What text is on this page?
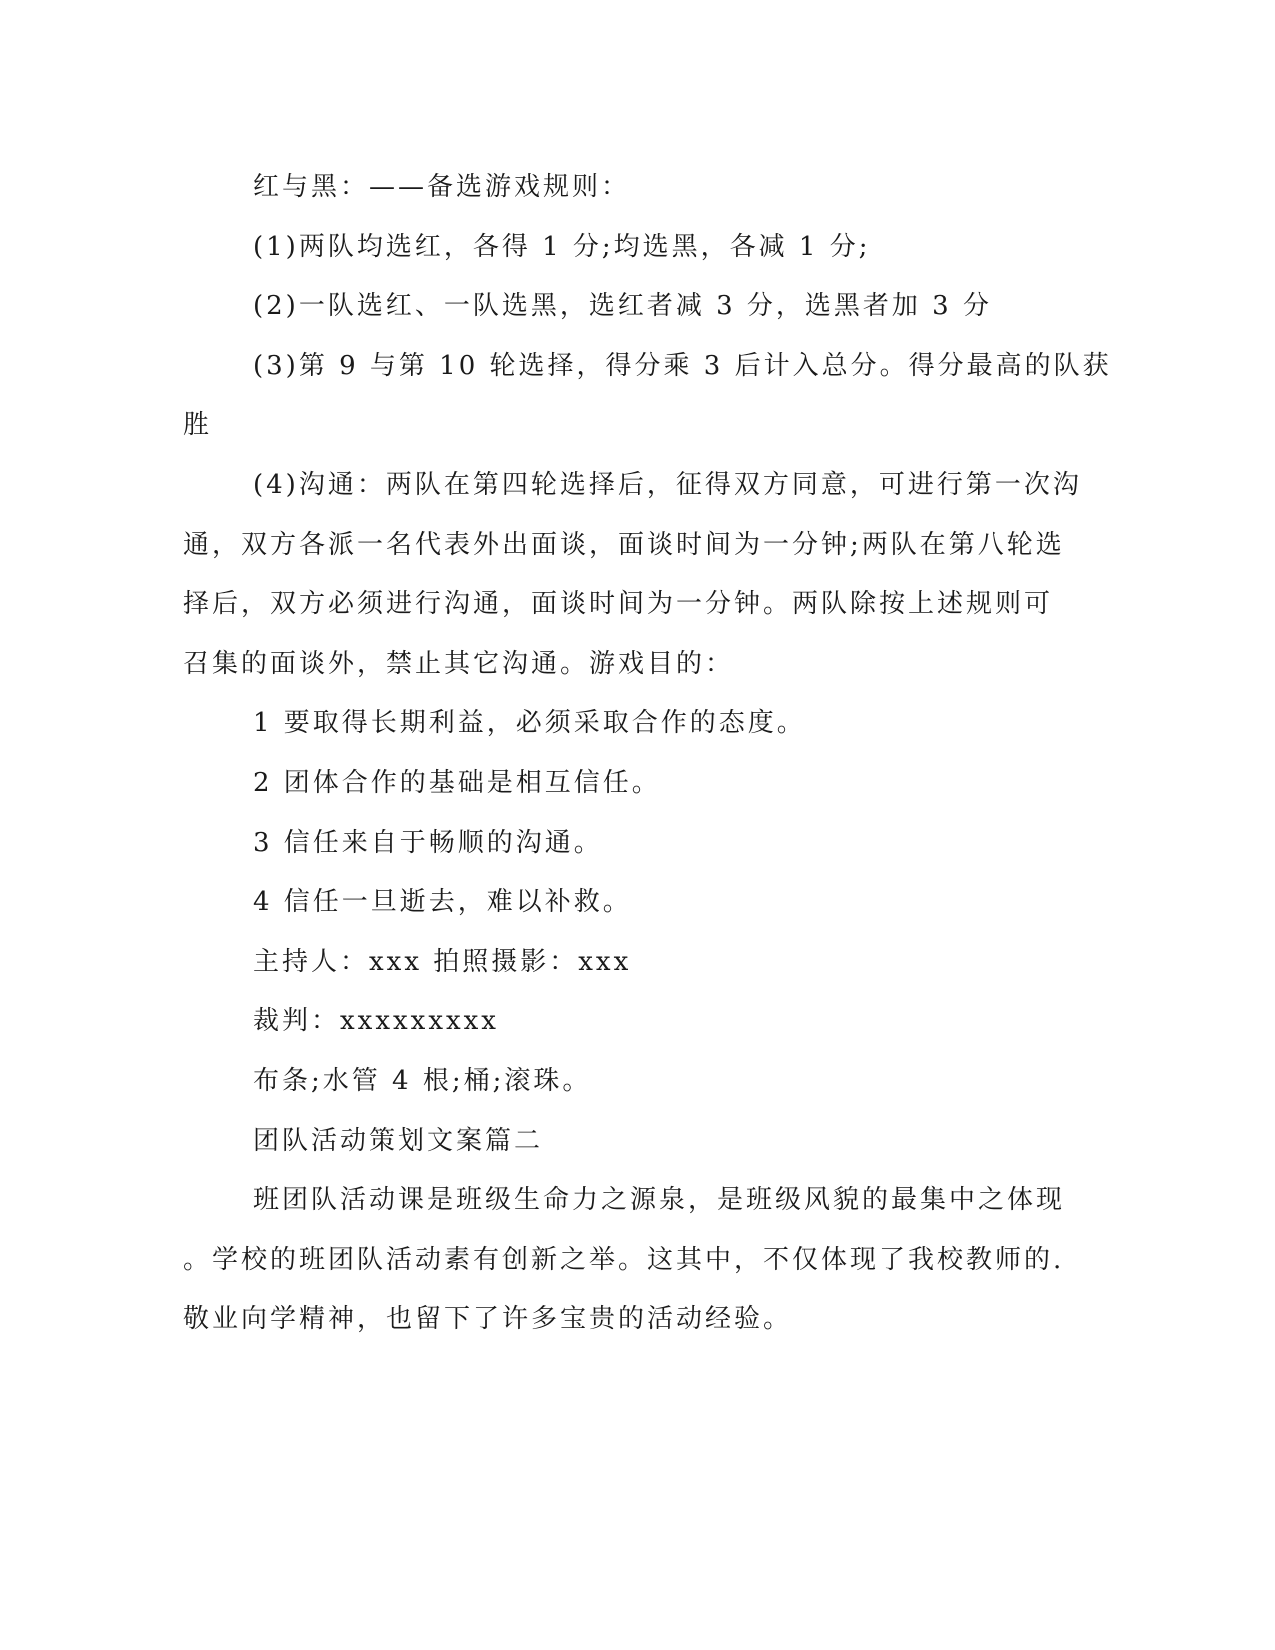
红与黑：——备选游戏规则：
(1)两队均选红，各得 1 分;均选黑，各减 1 分;
(2)一队选红、一队选黑，选红者减 3 分，选黑者加 3 分
(3)第 9 与第 10 轮选择，得分乘 3 后计入总分。得分最高的队获
胜
(4)沟通：两队在第四轮选择后，征得双方同意，可进行第一次沟
通，双方各派一名代表外出面谈，面谈时间为一分钟;两队在第八轮选
择后，双方必须进行沟通，面谈时间为一分钟。两队除按上述规则可
召集的面谈外，禁止其它沟通。游戏目的：
1 要取得长期利益，必须采取合作的态度。
2 团体合作的基础是相互信任。
3 信任来自于畅顺的沟通。
4 信任一旦逝去，难以补救。
主持人：xxx 拍照摄影：xxx
裁判：xxxxxxxxx
布条;水管 4 根;桶;滚珠。
团队活动策划文案篇二
班团队活动课是班级生命力之源泉，是班级风貌的最集中之体现
。学校的班团队活动素有创新之举。这其中，不仅体现了我校教师的.
敬业向学精神，也留下了许多宝贵的活动经验。
